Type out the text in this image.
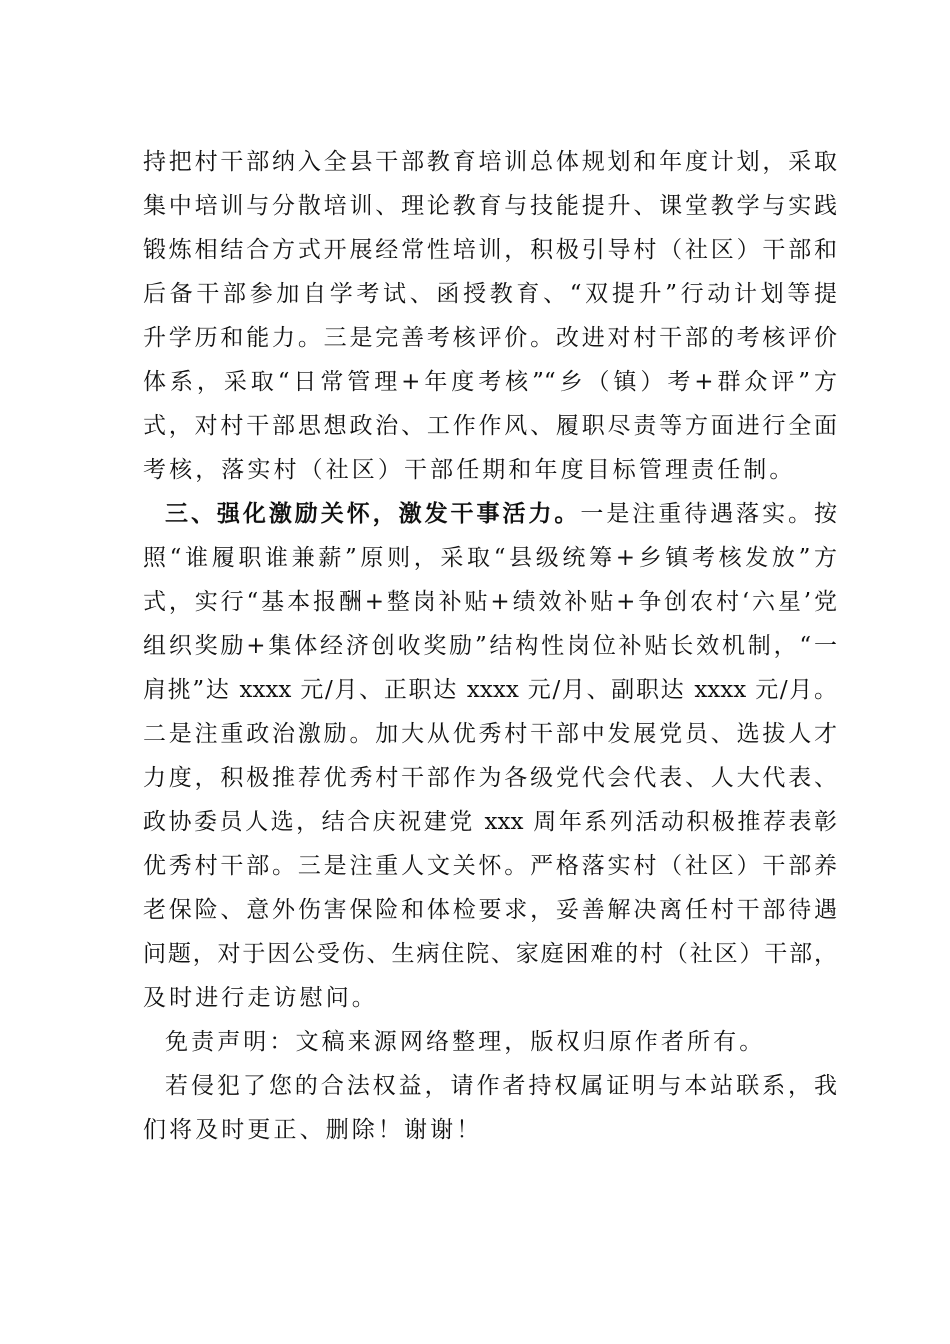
持把村干部纳入全县干部教育培训总体规划和年度计划，采取
集中培训与分散培训、理论教育与技能提升、课堂教学与实践
锻炼相结合方式开展经常性培训，积极引导村（社区）干部和
后备干部参加自学考试、函授教育、“双提升”行动计划等提
升学历和能力。三是完善考核评价。改进对村干部的考核评价
体系，采取“日常管理+年度考核”“乡（镇）考+群众评”方
式，对村干部思想政治、工作作风、履职尽责等方面进行全面
考核，落实村（社区）干部任期和年度目标管理责任制。
三、强化激励关怀，激发干事活力。一是注重待遇落实。按
照“谁履职谁兼薪”原则，采取“县级统筹+乡镇考核发放”方
式，实行“基本报酬+整岗补贴+绩效补贴+争创农村‘六星’党
组织奖励+集体经济创收奖励”结构性岗位补贴长效机制，“一
肩挑”达 xxxx 元/月、正职达 xxxx 元/月、副职达 xxxx 元/月。
二是注重政治激励。加大从优秀村干部中发展党员、选拔人才
力度，积极推荐优秀村干部作为各级党代会代表、人大代表、
政协委员人选，结合庆祝建党 xxx 周年系列活动积极推荐表彰
优秀村干部。三是注重人文关怀。严格落实村（社区）干部养
老保险、意外伤害保险和体检要求，妥善解决离任村干部待遇
问题，对于因公受伤、生病住院、家庭困难的村（社区）干部，
及时进行走访慰问。
免责声明：文稿来源网络整理，版权归原作者所有。
若侵犯了您的合法权益，请作者持权属证明与本站联系，我
们将及时更正、删除！谢谢！
